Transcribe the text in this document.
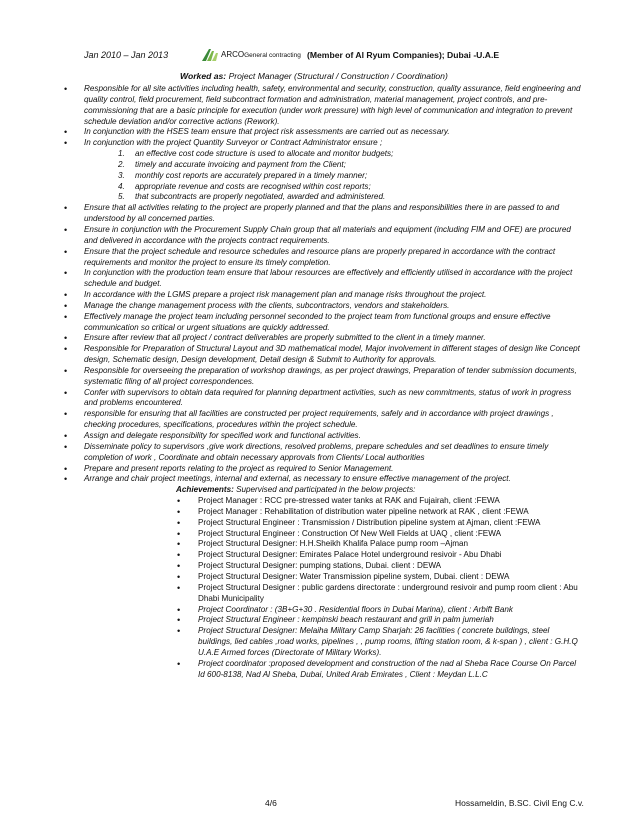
Jan 2010 – Jan 2013	ARCOGeneral contracting (Member of Al Ryum Companies); Dubai -U.A.E
Worked as: Project Manager (Structural / Construction / Coordination)
• Responsible for all site activities including health, safety, environmental and security, construction, quality assurance, field engineering and quality control, field procurement, field subcontract formation and administration, material management, project controls, and pre-commissioning that are a basic principle for execution (under work pressure) with high level of communication and integration to prevent schedule deviation and/or corrective actions (Rework).
• In conjunction with the HSES team ensure that project risk assessments are carried out as necessary.
• In conjunction with the project Quantity Surveyor or Contract Administrator ensure ;
1. an effective cost code structure is used to allocate and monitor budgets;
2. timely and accurate invoicing and payment from the Client;
3. monthly cost reports are accurately prepared in a timely manner;
4. appropriate revenue and costs are recognised within cost reports;
5. that subcontracts are properly negotiated, awarded and administered.
• Ensure that all activities relating to the project are properly planned and that the plans and responsibilities there in are passed to and understood by all concerned parties.
• Ensure in conjunction with the Procurement Supply Chain group that all materials and equipment (including FIM and OFE) are procured and delivered in accordance with the projects contract requirements.
• Ensure that the project schedule and resource schedules and resource plans are properly prepared in accordance with the contract requirements and monitor the project to ensure its timely completion.
• In conjunction with the production team ensure that labour resources are effectively and efficiently utilised in accordance with the project schedule and budget.
• In accordance with the LGMS prepare a project risk management plan and manage risks throughout the project.
• Manage the change management process with the clients, subcontractors, vendors and stakeholders.
• Effectively manage the project team including personnel seconded to the project team from functional groups and ensure effective communication so critical or urgent situations are quickly addressed.
• Ensure after review that all project / contract deliverables are properly submitted to the client in a timely manner.
• Responsible for Preparation of Structural Layout and 3D mathematical model, Major involvement in different stages of design like Concept design, Schematic design, Design development, Detail design & Submit to Authority for approvals.
• Responsible for overseeing the preparation of workshop drawings, as per project drawings, Preparation of tender submission documents, systematic filing of all project correspondences.
• Confer with supervisors to obtain data required for planning department activities, such as new commitments, status of work in progress and problems encountered.
• responsible for ensuring that all facilities are constructed per project requirements, safely and in accordance with project drawings , checking procedures, specifications, procedures within the project schedule.
• Assign and delegate responsibility for specified work and functional activities.
• Disseminate policy to supervisors ,give work directions, resolved problems, prepare schedules and set deadlines to ensure timely completion of work , Coordinate and obtain necessary approvals from Clients/ Local authorities
• Prepare and present reports relating to the project as required to Senior Management.
• Arrange and chair project meetings, internal and external, as necessary to ensure effective management of the project.
Achievements: Supervised and participated in the below projects:
• Project Manager : RCC pre-stressed water tanks at RAK and Fujairah, client :FEWA
• Project Manager : Rehabilitation of distribution water pipeline network at RAK , client :FEWA
• Project Structural Engineer : Transmission / Distribution pipeline system at Ajman, client :FEWA
• Project Structural Engineer : Construction Of New Well Fields at UAQ , client :FEWA
• Project Structural Designer: H.H.Sheikh Khalifa Palace pump room –Ajman
• Project Structural Designer: Emirates Palace Hotel underground resivoir - Abu Dhabi
• Project Structural Designer: pumping stations, Dubai. client : DEWA
• Project Structural Designer: Water Transmission pipeline system, Dubai. client : DEWA
• Project Structural Designer : public gardens directorate : underground resivoir and pump room client : Abu Dhabi Municipality
• Project Coordinator : (3B+G+30 . Residential floors in Dubai Marina), client : Arbift Bank
• Project Structural Engineer : kempinski beach restaurant and grill in palm jumeriah
• Project Structural Designer: Melaiha Military Camp Sharjah: 26 facilities ( concrete buildings, steel buildings, lied cables ,road works, pipelines , , pump rooms, lifting station room, & k-span ) , client : G.H.Q U.A.E Armed forces (Directorate of Military Works).
• Project coordinator :proposed development and construction of the nad al Sheba Race Course On Parcel Id 600-8138, Nad Al Sheba, Dubai, United Arab Emirates , Client : Meydan L.L.C
4/6	Hossameldin, B.SC. Civil Eng C.v.
